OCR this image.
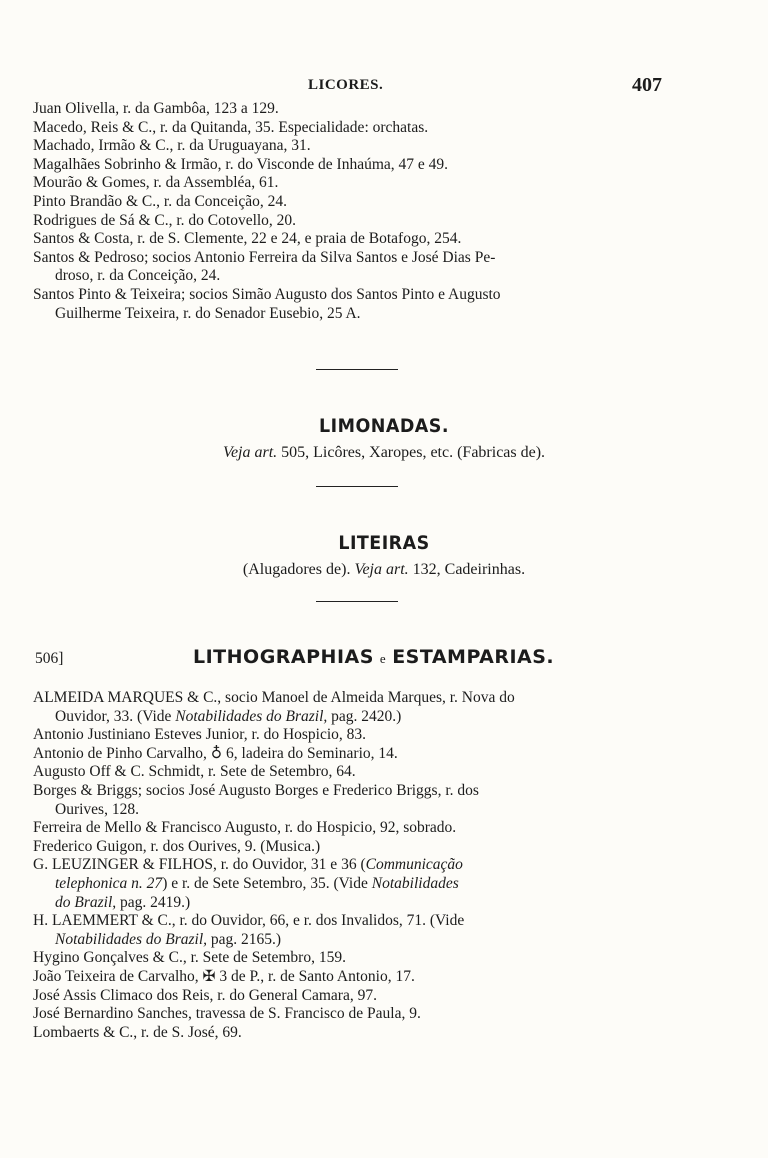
LICORES.	407
Juan Olivella, r. da Gambôa, 123 a 129.
Macedo, Reis & C., r. da Quitanda, 35. Especialidade: orchatas.
Machado, Irmão & C., r. da Uruguayana, 31.
Magalhães Sobrinho & Irmão, r. do Visconde de Inhaúma, 47 e 49.
Mourão & Gomes, r. da Assembléa, 61.
Pinto Brandão & C., r. da Conceição, 24.
Rodrigues de Sá & C., r. do Cotovello, 20.
Santos & Costa, r. de S. Clemente, 22 e 24, e praia de Botafogo, 254.
Santos & Pedroso; socios Antonio Ferreira da Silva Santos e José Dias Pe-
droso, r. da Conceição, 24.
Santos Pinto & Teixeira; socios Simão Augusto dos Santos Pinto e Augusto
Guilherme Teixeira, r. do Senador Eusebio, 25 A.
LIMONADAS.
Veja art. 505, Licôres, Xaropes, etc. (Fabricas de).
LITEIRAS
(Alugadores de). Veja art. 132, Cadeirinhas.
506]	LITHOGRAPHIAS e ESTAMPARIAS.
ALMEIDA MARQUES & C., socio Manoel de Almeida Marques, r. Nova do
Ouvidor, 33. (Vide Notabilidades do Brazil, pag. 2420.)
Antonio Justiniano Esteves Junior, r. do Hospicio, 83.
Antonio de Pinho Carvalho, ♁ 6, ladeira do Seminario, 14.
Augusto Off & C. Schmidt, r. Sete de Setembro, 64.
Borges & Briggs; socios José Augusto Borges e Frederico Briggs, r. dos
Ourives, 128.
Ferreira de Mello & Francisco Augusto, r. do Hospicio, 92, sobrado.
Frederico Guigon, r. dos Ourives, 9. (Musica.)
G. LEUZINGER & FILHOS, r. do Ouvidor, 31 e 36 (Communicação
telephonica n. 27) e r. de Sete Setembro, 35. (Vide Notabilidades
do Brazil, pag. 2419.)
H. LAEMMERT & C., r. do Ouvidor, 66, e r. dos Invalidos, 71. (Vide
Notabilidades do Brazil, pag. 2165.)
Hygino Gonçalves & C., r. Sete de Setembro, 159.
João Teixeira de Carvalho, ✠ 3 de P., r. de Santo Antonio, 17.
José Assis Climaco dos Reis, r. do General Camara, 97.
José Bernardino Sanches, travessa de S. Francisco de Paula, 9.
Lombaerts & C., r. de S. José, 69.
